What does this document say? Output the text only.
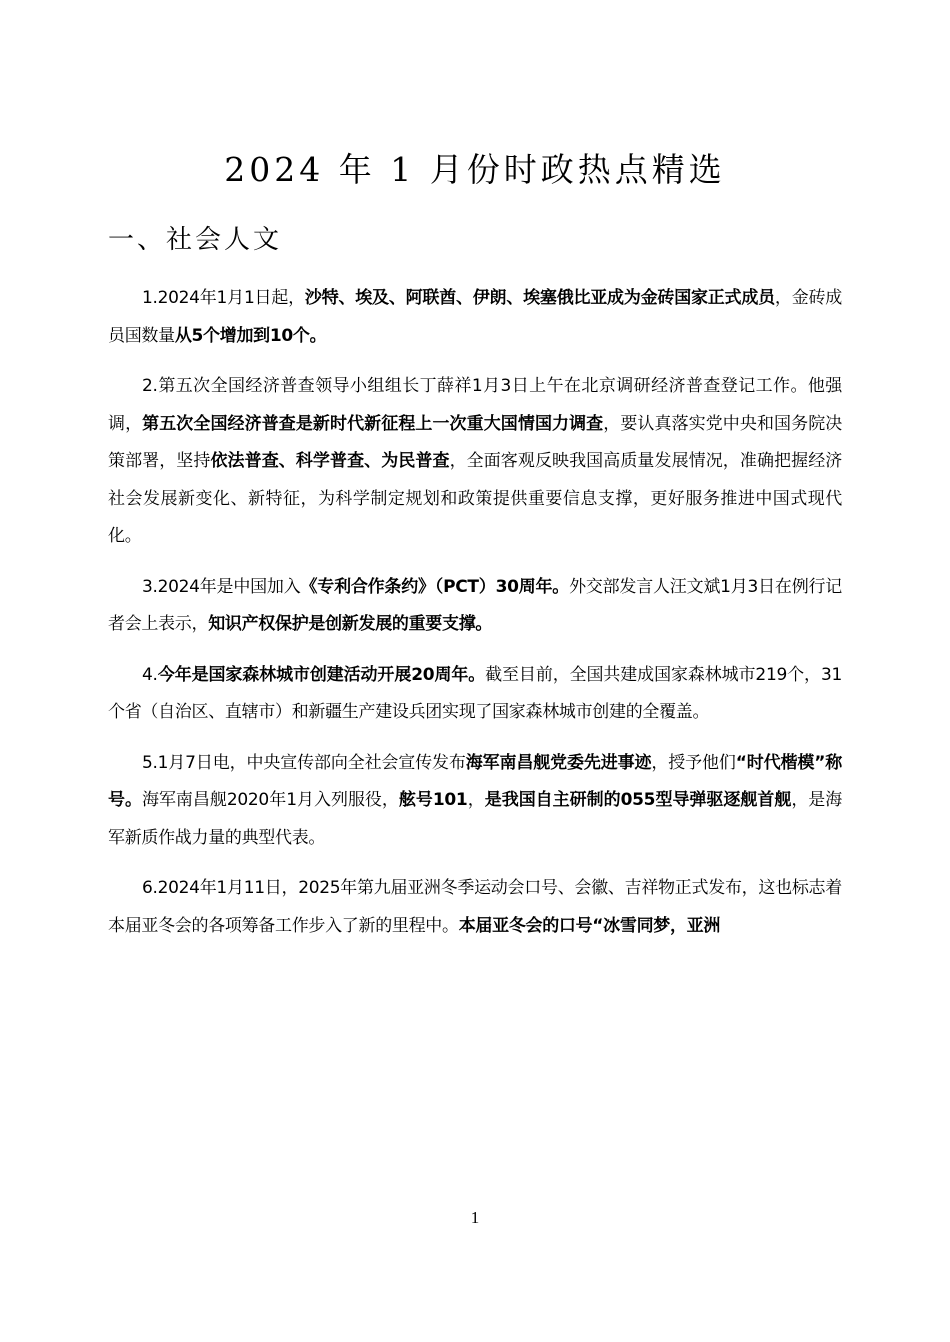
2024 年 1 月份时政热点精选
一、社会人文

1.2024年1月1日起，沙特、埃及、阿联酋、伊朗、埃塞俄比亚成为金砖国家正式成员，金砖成员国数量从5个增加到10个。

2.第五次全国经济普查领导小组组长丁薛祥1月3日上午在北京调研经济普查登记工作。他强调，第五次全国经济普查是新时代新征程上一次重大国情国力调查，要认真落实党中央和国务院决策部署，坚持依法普查、科学普查、为民普查，全面客观反映我国高质量发展情况，准确把握经济社会发展新变化、新特征，为科学制定规划和政策提供重要信息支撑，更好服务推进中国式现代化。

3.2024年是中国加入《专利合作条约》（PCT）30周年。外交部发言人汪文斌1月3日在例行记者会上表示，知识产权保护是创新发展的重要支撑。

4.今年是国家森林城市创建活动开展20周年。截至目前，全国共建成国家森林城市219个，31个省（自治区、直辖市）和新疆生产建设兵团实现了国家森林城市创建的全覆盖。

5.1月7日电，中央宣传部向全社会宣传发布海军南昌舰党委先进事迹，授予他们“时代楷模”称号。海军南昌舰2020年1月入列服役，舷号101，是我国自主研制的055型导弹驱逐舰首舰，是海军新质作战力量的典型代表。

6.2024年1月11日，2025年第九届亚洲冬季运动会口号、会徽、吉祥物正式发布，这也标志着本届亚冬会的各项筹备工作步入了新的里程中。本届亚冬会的口号“冰雪同梦，亚洲

1
